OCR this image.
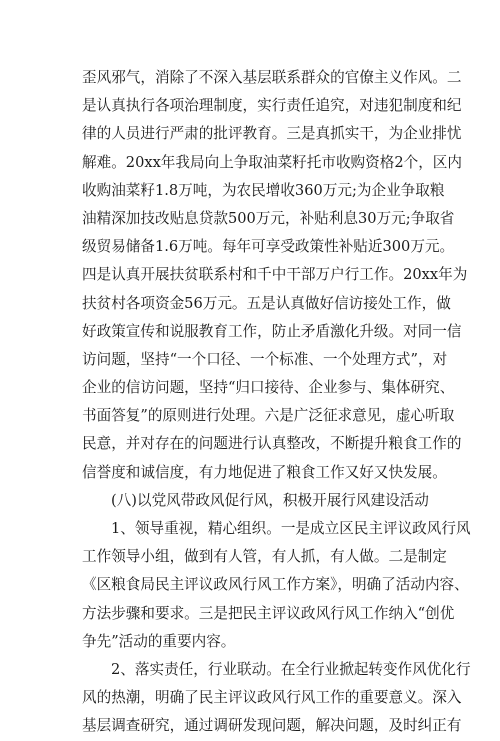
歪风邪气，消除了不深入基层联系群众的官僚主义作风。二
是认真执行各项治理制度，实行责任追究，对违犯制度和纪
律的人员进行严肃的批评教育。三是真抓实干，为企业排忧
解难。20xx年我局向上争取油菜籽托市收购资格2个，区内
收购油菜籽1.8万吨，为农民增收360万元;为企业争取粮
油精深加技改贴息贷款500万元，补贴利息30万元;争取省
级贸易储备1.6万吨。每年可享受政策性补贴近300万元。
四是认真开展扶贫联系村和千中干部万户行工作。20xx年为
扶贫村各项资金56万元。五是认真做好信访接处工作，做
好政策宣传和说服教育工作，防止矛盾激化升级。对同一信
访问题，坚持“一个口径、一个标准、一个处理方式”，对
企业的信访问题，坚持“归口接待、企业参与、集体研究、
书面答复”的原则进行处理。六是广泛征求意见，虚心听取
民意，并对存在的问题进行认真整改，不断提升粮食工作的
信誉度和诚信度，有力地促进了粮食工作又好又快发展。
(八)以党风带政风促行风，积极开展行风建设活动
1、领导重视，精心组织。一是成立区民主评议政风行风
工作领导小组，做到有人管，有人抓，有人做。二是制定
《区粮食局民主评议政风行风工作方案》，明确了活动内容、
方法步骤和要求。三是把民主评议政风行风工作纳入“创优
争先”活动的重要内容。
2、落实责任，行业联动。在全行业掀起转变作风优化行
风的热潮，明确了民主评议政风行风工作的重要意义。深入
基层调查研究，通过调研发现问题，解决问题，及时纠正有
